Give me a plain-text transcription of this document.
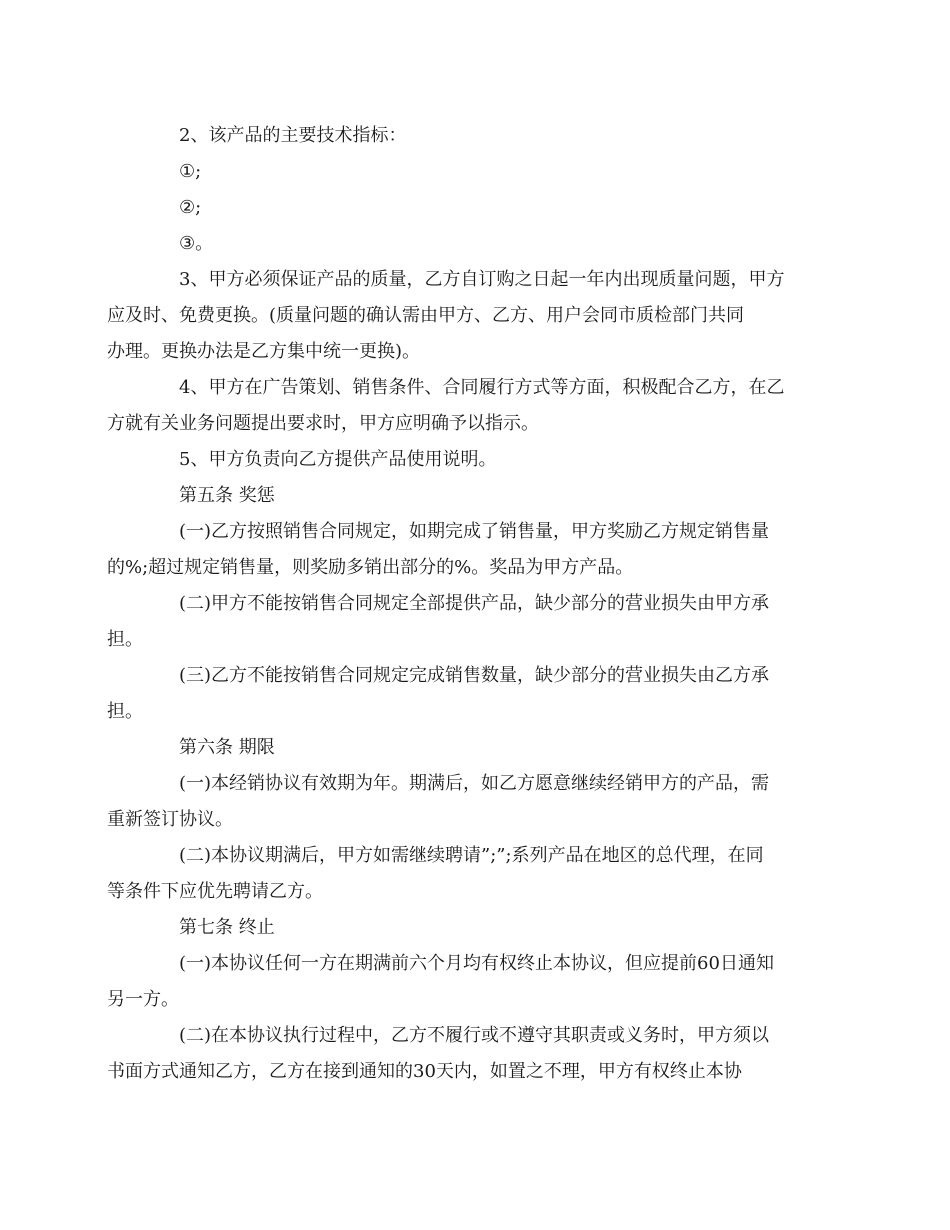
2、该产品的主要技术指标：

①;

②;

③。

3、甲方必须保证产品的质量，乙方自订购之日起一年内出现质量问题，甲方
应及时、免费更换。(质量问题的确认需由甲方、乙方、用户会同市质检部门共同
办理。更换办法是乙方集中统一更换)。

4、甲方在广告策划、销售条件、合同履行方式等方面，积极配合乙方，在乙
方就有关业务问题提出要求时，甲方应明确予以指示。

5、甲方负责向乙方提供产品使用说明。

第五条 奖惩

(一)乙方按照销售合同规定，如期完成了销售量，甲方奖励乙方规定销售量
的%;超过规定销售量，则奖励多销出部分的%。奖品为甲方产品。

(二)甲方不能按销售合同规定全部提供产品，缺少部分的营业损失由甲方承
担。

(三)乙方不能按销售合同规定完成销售数量，缺少部分的营业损失由乙方承
担。

第六条 期限

(一)本经销协议有效期为年。期满后，如乙方愿意继续经销甲方的产品，需
重新签订协议。

(二)本协议期满后，甲方如需继续聘请”;”;系列产品在地区的总代理，在同
等条件下应优先聘请乙方。

第七条 终止

(一)本协议任何一方在期满前六个月均有权终止本协议，但应提前60日通知
另一方。

(二)在本协议执行过程中，乙方不履行或不遵守其职责或义务时，甲方须以
书面方式通知乙方，乙方在接到通知的30天内，如置之不理，甲方有权终止本协
